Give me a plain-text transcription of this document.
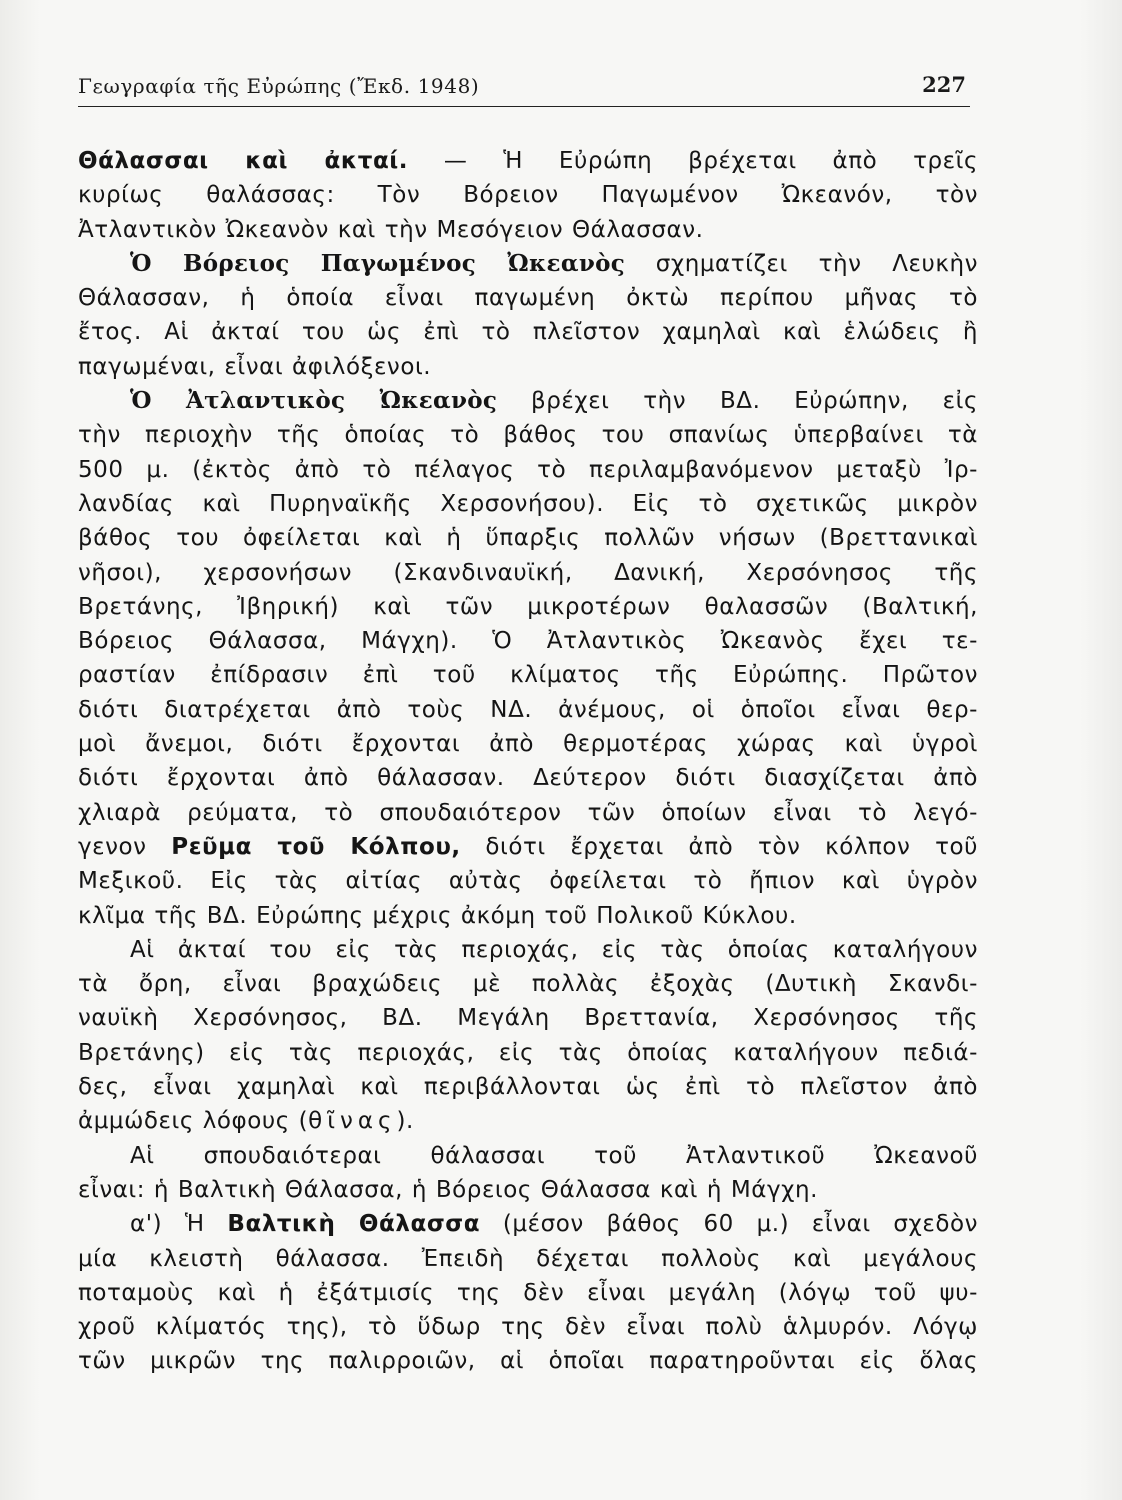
Γεωγραφία τῆς Εὐρώπης (Ἔκδ. 1948)	227
Θάλασσαι καὶ ἀκταί. — Ἡ Εὐρώπη βρέχεται ἀπὸ τρεῖς
κυρίως θαλάσσας: Τὸν Βόρειον Παγωμένον Ὠκεανόν, τὸν
Ἀτλαντικὸν Ὠκεανὸν καὶ τὴν Μεσόγειον Θάλασσαν.
Ὁ Βόρειος Παγωμένος Ὠκεανὸς σχηματίζει τὴν Λευκὴν
Θάλασσαν, ἡ ὁποία εἶναι παγωμένη ὀκτὼ περίπου μῆνας τὸ
ἔτος. Αἱ ἀκταί του ὡς ἐπὶ τὸ πλεῖστον χαμηλαὶ καὶ ἑλώδεις ἢ
παγωμέναι, εἶναι ἀφιλόξενοι.
Ὁ Ἀτλαντικὸς Ὠκεανὸς βρέχει τὴν ΒΔ. Εὐρώπην, εἰς
τὴν περιοχὴν τῆς ὁποίας τὸ βάθος του σπανίως ὑπερβαίνει τὰ
500 μ. (ἐκτὸς ἀπὸ τὸ πέλαγος τὸ περιλαμβανόμενον μεταξὺ Ἰρ-
λανδίας καὶ Πυρηναϊκῆς Χερσονήσου). Εἰς τὸ σχετικῶς μικρὸν
βάθος του ὀφείλεται καὶ ἡ ὕπαρξις πολλῶν νήσων (Βρεττανικαὶ
νῆσοι), χερσονήσων (Σκανδιναυϊκή, Δανική, Χερσόνησος τῆς
Βρετάνης, Ἰβηρική) καὶ τῶν μικροτέρων θαλασσῶν (Βαλτική,
Βόρειος Θάλασσα, Μάγχη). Ὁ Ἀτλαντικὸς Ὠκεανὸς ἔχει τε-
ραστίαν ἐπίδρασιν ἐπὶ τοῦ κλίματος τῆς Εὐρώπης. Πρῶτον
διότι διατρέχεται ἀπὸ τοὺς ΝΔ. ἀνέμους, οἱ ὁποῖοι εἶναι θερ-
μοὶ ἄνεμοι, διότι ἔρχονται ἀπὸ θερμοτέρας χώρας καὶ ὑγροὶ
διότι ἔρχονται ἀπὸ θάλασσαν. Δεύτερον διότι διασχίζεται ἀπὸ
χλιαρὰ ρεύματα, τὸ σπουδαιότερον τῶν ὁποίων εἶναι τὸ λεγό-
γενον Ρεῦμα τοῦ Κόλπου, διότι ἔρχεται ἀπὸ τὸν κόλπον τοῦ
Μεξικοῦ. Εἰς τὰς αἰτίας αὐτὰς ὀφείλεται τὸ ἤπιον καὶ ὑγρὸν
κλῖμα τῆς ΒΔ. Εὐρώπης μέχρις ἀκόμη τοῦ Πολικοῦ Κύκλου.
Αἱ ἀκταί του εἰς τὰς περιοχάς, εἰς τὰς ὁποίας καταλήγουν
τὰ ὄρη, εἶναι βραχώδεις μὲ πολλὰς ἐξοχὰς (Δυτικὴ Σκανδι-
ναυϊκὴ Χερσόνησος, ΒΔ. Μεγάλη Βρεττανία, Χερσόνησος τῆς
Βρετάνης) εἰς τὰς περιοχάς, εἰς τὰς ὁποίας καταλήγουν πεδιά-
δες, εἶναι χαμηλαὶ καὶ περιβάλλονται ὡς ἐπὶ τὸ πλεῖστον ἀπὸ
ἀμμώδεις λόφους (θῖνας).
Αἱ σπουδαιότεραι θάλασσαι τοῦ Ἀτλαντικοῦ Ὠκεανοῦ
εἶναι: ἡ Βαλτικὴ Θάλασσα, ἡ Βόρειος Θάλασσα καὶ ἡ Μάγχη.
α') Ἡ Βαλτικὴ Θάλασσα (μέσον βάθος 60 μ.) εἶναι σχεδὸν
μία κλειστὴ θάλασσα. Ἐπειδὴ δέχεται πολλοὺς καὶ μεγάλους
ποταμοὺς καὶ ἡ ἐξάτμισίς της δὲν εἶναι μεγάλη (λόγῳ τοῦ ψυ-
χροῦ κλίματός της), τὸ ὕδωρ της δὲν εἶναι πολὺ ἁλμυρόν. Λόγῳ
τῶν μικρῶν της παλιρροιῶν, αἱ ὁποῖαι παρατηροῦνται εἰς ὅλας
